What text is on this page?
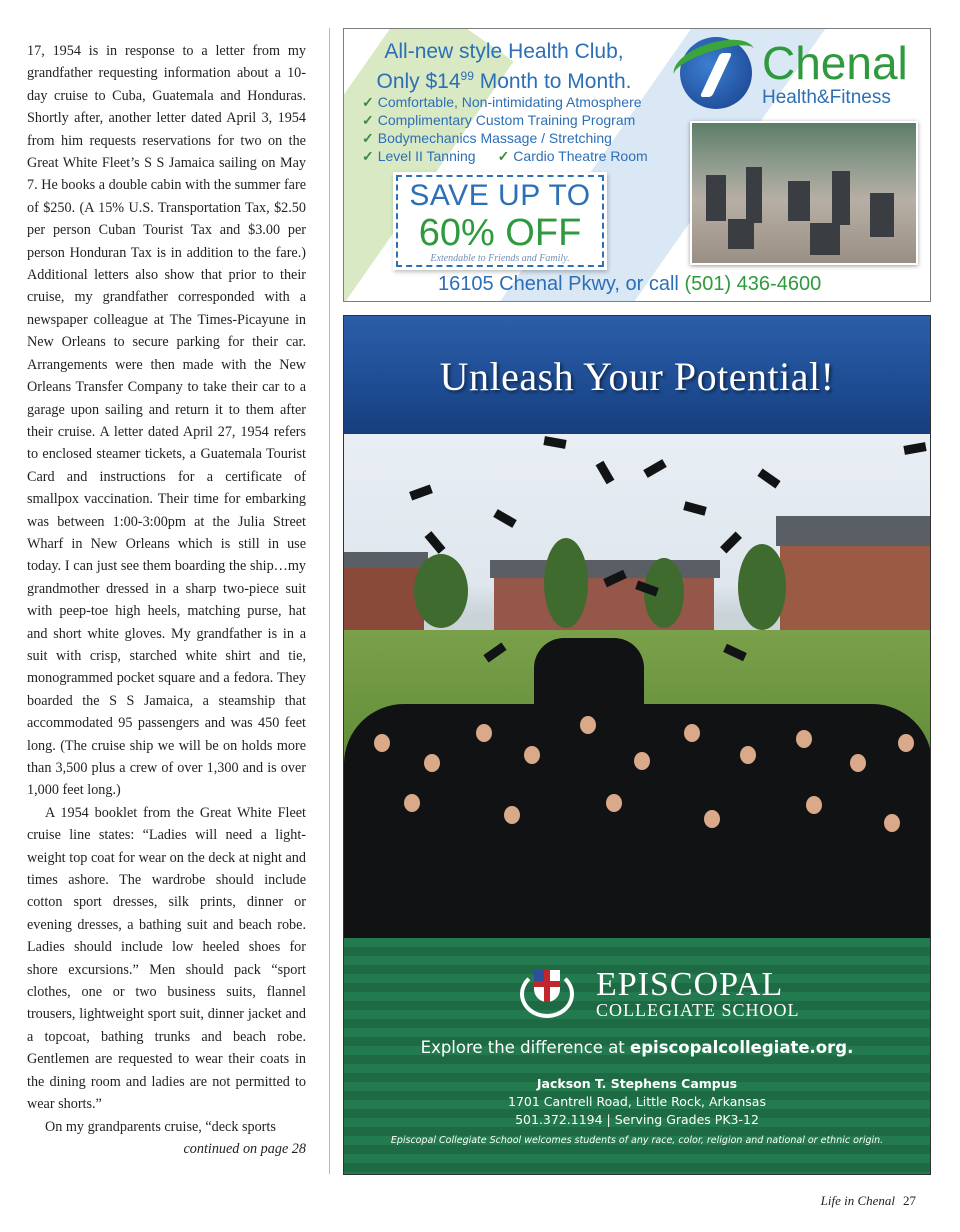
17, 1954 is in response to a letter from my grandfather requesting information about a 10-day cruise to Cuba, Guatemala and Honduras. Shortly after, another letter dated April 3, 1954 from him requests reservations for two on the Great White Fleet’s S S Jamaica sailing on May 7. He books a double cabin with the summer fare of $250. (A 15% U.S. Transportation Tax, $2.50 per person Cuban Tourist Tax and $3.00 per person Honduran Tax is in addition to the fare.) Additional letters also show that prior to their cruise, my grandfather corresponded with a newspaper colleague at The Times-Picayune in New Orleans to secure parking for their car. Arrangements were then made with the New Orleans Transfer Company to take their car to a garage upon sailing and return it to them after their cruise. A letter dated April 27, 1954 refers to enclosed steamer tickets, a Guatemala Tourist Card and instructions for a certificate of smallpox vaccination. Their time for embarking was between 1:00-3:00pm at the Julia Street Wharf in New Orleans which is still in use today. I can just see them boarding the ship…my grandmother dressed in a sharp two-piece suit with peep-toe high heels, matching purse, hat and short white gloves. My grandfather is in a suit with crisp, starched white shirt and tie, monogrammed pocket square and a fedora. They boarded the S S Jamaica, a steamship that accommodated 95 passengers and was 450 feet long. (The cruise ship we will be on holds more than 3,500 plus a crew of over 1,300 and is over 1,000 feet long.)

A 1954 booklet from the Great White Fleet cruise line states: “Ladies will need a light-weight top coat for wear on the deck at night and times ashore. The wardrobe should include cotton sport dresses, silk prints, dinner or evening dresses, a bathing suit and beach robe. Ladies should include low heeled shoes for shore excursions.” Men should pack “sport clothes, one or two business suits, flannel trousers, lightweight sport suit, dinner jacket and a topcoat, bathing trunks and beach robe. Gentlemen are requested to wear their coats in the dining room and ladies are not permitted to wear shorts.”

On my grandparents cruise, “deck sports

continued on page 28
All-new style Health Club,
Only $\$14^{99}$ Month to Month.
✓ Comfortable, Non-intimidating Atmosphere
✓ Complimentary Custom Training Program
✓ Bodymechanics Massage / Stretching
✓ Level II Tanning ✓ Cardio Theatre Room
SAVE UP TO
60% OFF
Extendable to Friends and Family.
Chenal
Health&Fitness
16105 Chenal Pkwy, or call (501) 436-4600
Unleash Your Potential!
EPISCOPAL
COLLEGIATE SCHOOL
Explore the difference at episcopalcollegiate.org.
Jackson T. Stephens Campus
1701 Cantrell Road, Little Rock, Arkansas
501.372.1194 | Serving Grades PK3-12
Episcopal Collegiate School welcomes students of any race, color, religion and national or ethnic origin.
Life in Chenal 27
